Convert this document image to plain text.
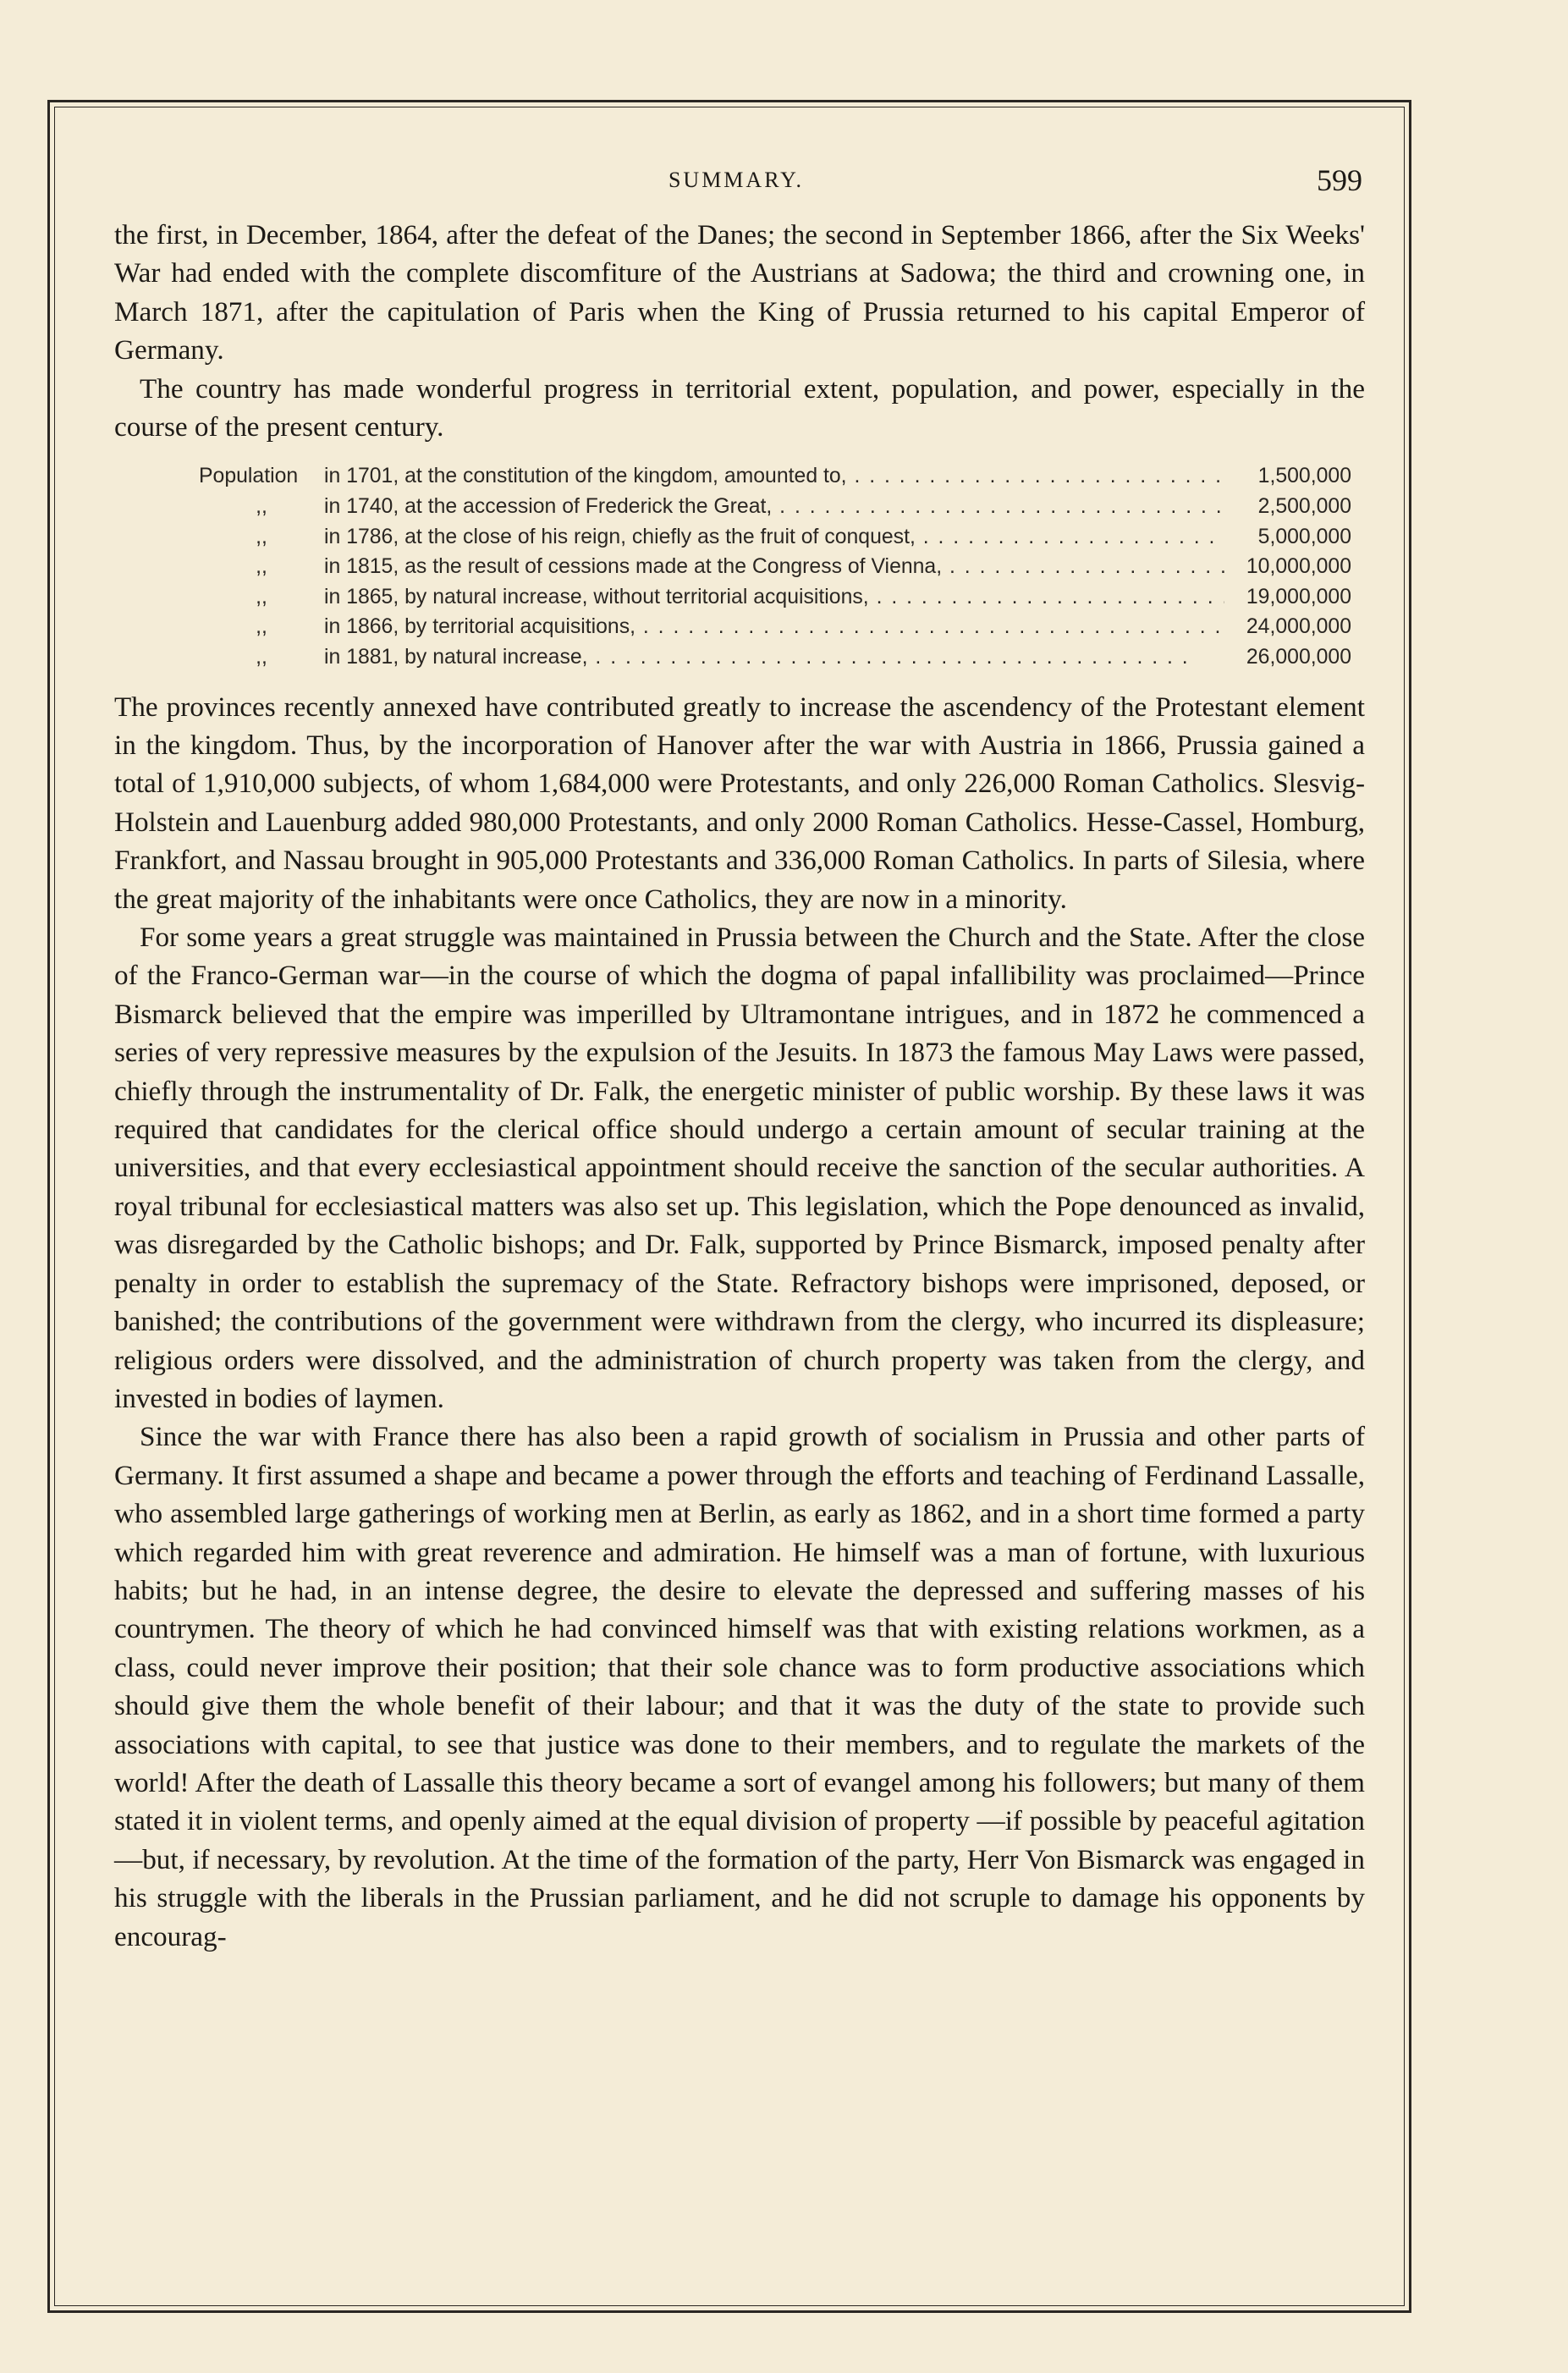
SUMMARY.	599

the first, in December, 1864, after the defeat of the Danes; the second in September 1866, after the Six Weeks' War had ended with the complete discomfiture of the Austrians at Sadowa; the third and crowning one, in March 1871, after the capitulation of Paris when the King of Prussia returned to his capital Emperor of Germany.

The country has made wonderful progress in territorial extent, population, and power, especially in the course of the present century.

Population	in 1701, at the constitution of the kingdom, amounted to, . .	1,500,000
,,	in 1740, at the accession of Frederick the Great, . .	2,500,000
,,	in 1786, at the close of his reign, chiefly as the fruit of conquest, . .	5,000,000
,,	in 1815, as the result of cessions made at the Congress of Vienna, . .	10,000,000
,,	in 1865, by natural increase, without territorial acquisitions, . .	19,000,000
,,	in 1866, by territorial acquisitions, . .	24,000,000
,,	in 1881, by natural increase, . .	26,000,000

The provinces recently annexed have contributed greatly to increase the ascendency of the Protestant element in the kingdom. Thus, by the incorporation of Hanover after the war with Austria in 1866, Prussia gained a total of 1,910,000 subjects, of whom 1,684,000 were Protestants, and only 226,000 Roman Catholics. Slesvig-Holstein and Lauenburg added 980,000 Protestants, and only 2000 Roman Catholics. Hesse-Cassel, Homburg, Frankfort, and Nassau brought in 905,000 Protestants and 336,000 Roman Catholics. In parts of Silesia, where the great majority of the inhabitants were once Catholics, they are now in a minority.

For some years a great struggle was maintained in Prussia between the Church and the State. After the close of the Franco-German war—in the course of which the dogma of papal infallibility was proclaimed—Prince Bismarck believed that the empire was imperilled by Ultramontane intrigues, and in 1872 he commenced a series of very repressive measures by the expulsion of the Jesuits. In 1873 the famous May Laws were passed, chiefly through the instrumentality of Dr. Falk, the energetic minister of public worship. By these laws it was required that candidates for the clerical office should undergo a certain amount of secular training at the universities, and that every ecclesiastical appointment should receive the sanction of the secular authorities. A royal tribunal for ecclesiastical matters was also set up. This legislation, which the Pope denounced as invalid, was disregarded by the Catholic bishops; and Dr. Falk, supported by Prince Bismarck, imposed penalty after penalty in order to establish the supremacy of the State. Refractory bishops were imprisoned, deposed, or banished; the contributions of the government were withdrawn from the clergy, who incurred its displeasure; religious orders were dissolved, and the administration of church property was taken from the clergy, and invested in bodies of laymen.

Since the war with France there has also been a rapid growth of socialism in Prussia and other parts of Germany. It first assumed a shape and became a power through the efforts and teaching of Ferdinand Lassalle, who assembled large gatherings of working men at Berlin, as early as 1862, and in a short time formed a party which regarded him with great reverence and admiration. He himself was a man of fortune, with luxurious habits; but he had, in an intense degree, the desire to elevate the depressed and suffering masses of his countrymen. The theory of which he had convinced himself was that with existing relations workmen, as a class, could never improve their position; that their sole chance was to form productive associations which should give them the whole benefit of their labour; and that it was the duty of the state to provide such associations with capital, to see that justice was done to their members, and to regulate the markets of the world! After the death of Lassalle this theory became a sort of evangel among his followers; but many of them stated it in violent terms, and openly aimed at the equal division of property —if possible by peaceful agitation—but, if necessary, by revolution. At the time of the formation of the party, Herr Von Bismarck was engaged in his struggle with the liberals in the Prussian parliament, and he did not scruple to damage his opponents by encourag-
